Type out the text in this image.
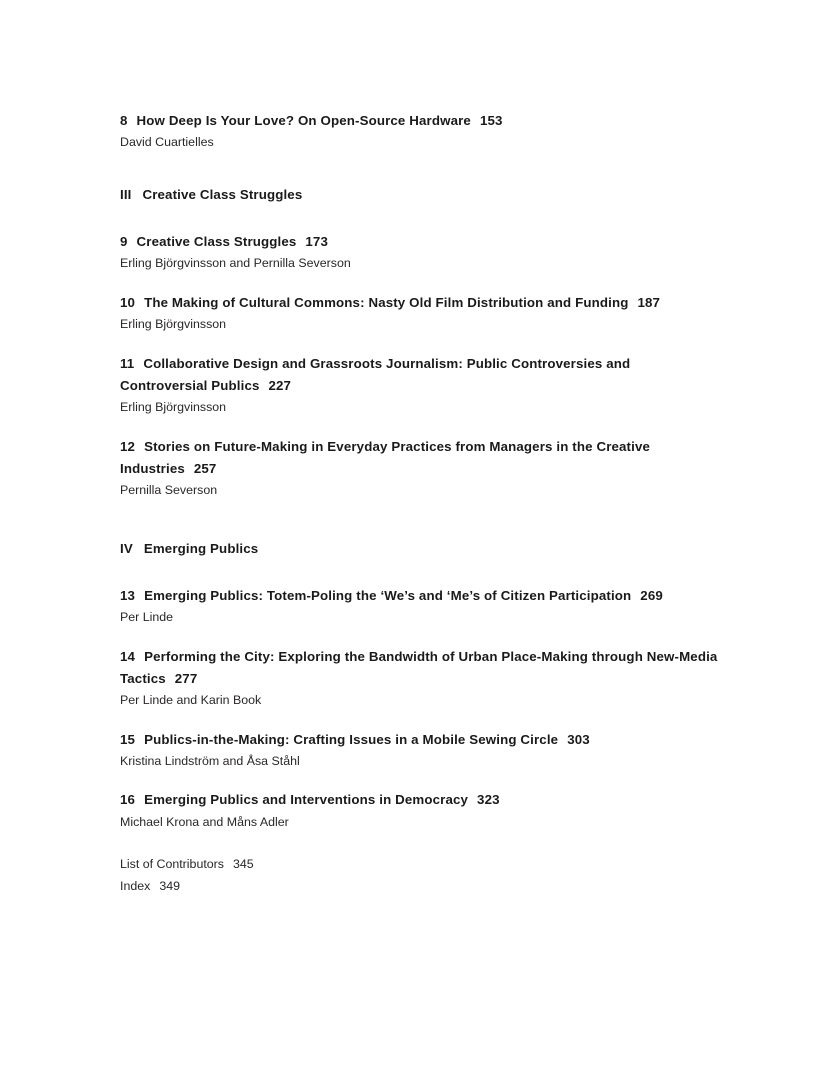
8 How Deep Is Your Love? On Open-Source Hardware 153
David Cuartielles
III Creative Class Struggles
9 Creative Class Struggles 173
Erling Björgvinsson and Pernilla Severson
10 The Making of Cultural Commons: Nasty Old Film Distribution and Funding 187
Erling Björgvinsson
11 Collaborative Design and Grassroots Journalism: Public Controversies and Controversial Publics 227
Erling Björgvinsson
12 Stories on Future-Making in Everyday Practices from Managers in the Creative Industries 257
Pernilla Severson
IV Emerging Publics
13 Emerging Publics: Totem-Poling the ‘We’s and ‘Me’s of Citizen Participation 269
Per Linde
14 Performing the City: Exploring the Bandwidth of Urban Place-Making through New-Media Tactics 277
Per Linde and Karin Book
15 Publics-in-the-Making: Crafting Issues in a Mobile Sewing Circle 303
Kristina Lindström and Åsa Ståhl
16 Emerging Publics and Interventions in Democracy 323
Michael Krona and Måns Adler
List of Contributors 345
Index 349
